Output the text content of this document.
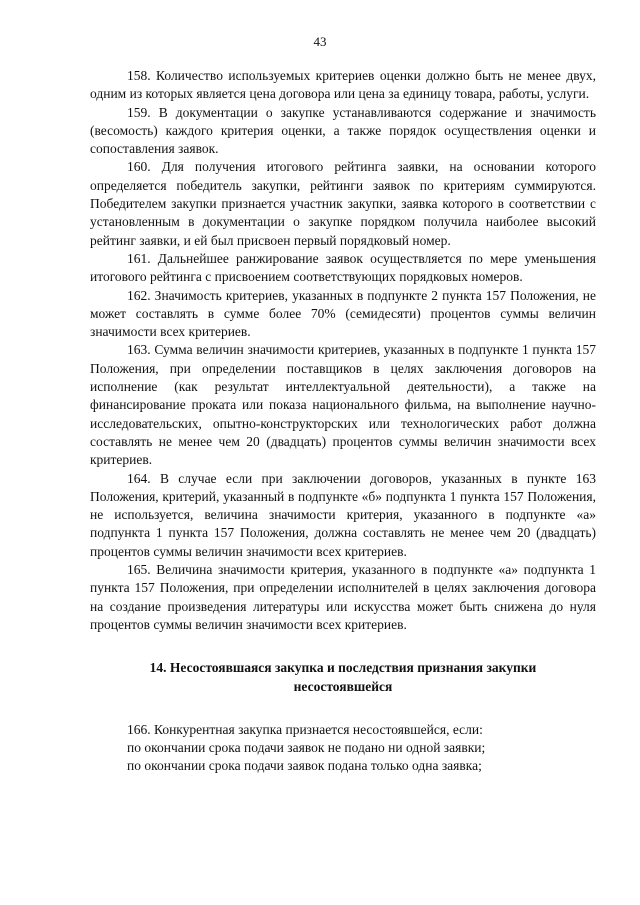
43

158. Количество используемых критериев оценки должно быть не менее двух, одним из которых является цена договора или цена за единицу товара, работы, услуги.

159. В документации о закупке устанавливаются содержание и значимость (весомость) каждого критерия оценки, а также порядок осуществления оценки и сопоставления заявок.

160. Для получения итогового рейтинга заявки, на основании которого определяется победитель закупки, рейтинги заявок по критериям суммируются. Победителем закупки признается участник закупки, заявка которого в соответствии с установленным в документации о закупке порядком получила наиболее высокий рейтинг заявки, и ей был присвоен первый порядковый номер.

161. Дальнейшее ранжирование заявок осуществляется по мере уменьшения итогового рейтинга с присвоением соответствующих порядковых номеров.

162. Значимость критериев, указанных в подпункте 2 пункта 157 Положения, не может составлять в сумме более 70% (семидесяти) процентов суммы величин значимости всех критериев.

163. Сумма величин значимости критериев, указанных в подпункте 1 пункта 157 Положения, при определении поставщиков в целях заключения договоров на исполнение (как результат интеллектуальной деятельности), а также на финансирование проката или показа национального фильма, на выполнение научно-исследовательских, опытно-конструкторских или технологических работ должна составлять не менее чем 20 (двадцать) процентов суммы величин значимости всех критериев.

164. В случае если при заключении договоров, указанных в пункте 163 Положения, критерий, указанный в подпункте «б» подпункта 1 пункта 157 Положения, не используется, величина значимости критерия, указанного в подпункте «а» подпункта 1 пункта 157 Положения, должна составлять не менее чем 20 (двадцать) процентов суммы величин значимости всех критериев.

165. Величина значимости критерия, указанного в подпункте «а» подпункта 1 пункта 157 Положения, при определении исполнителей в целях заключения договора на создание произведения литературы или искусства может быть снижена до нуля процентов суммы величин значимости всех критериев.

14. Несостоявшаяся закупка и последствия признания закупки несостоявшейся

166. Конкурентная закупка признается несостоявшейся, если:

по окончании срока подачи заявок не подано ни одной заявки;

по окончании срока подачи заявок подана только одна заявка;
